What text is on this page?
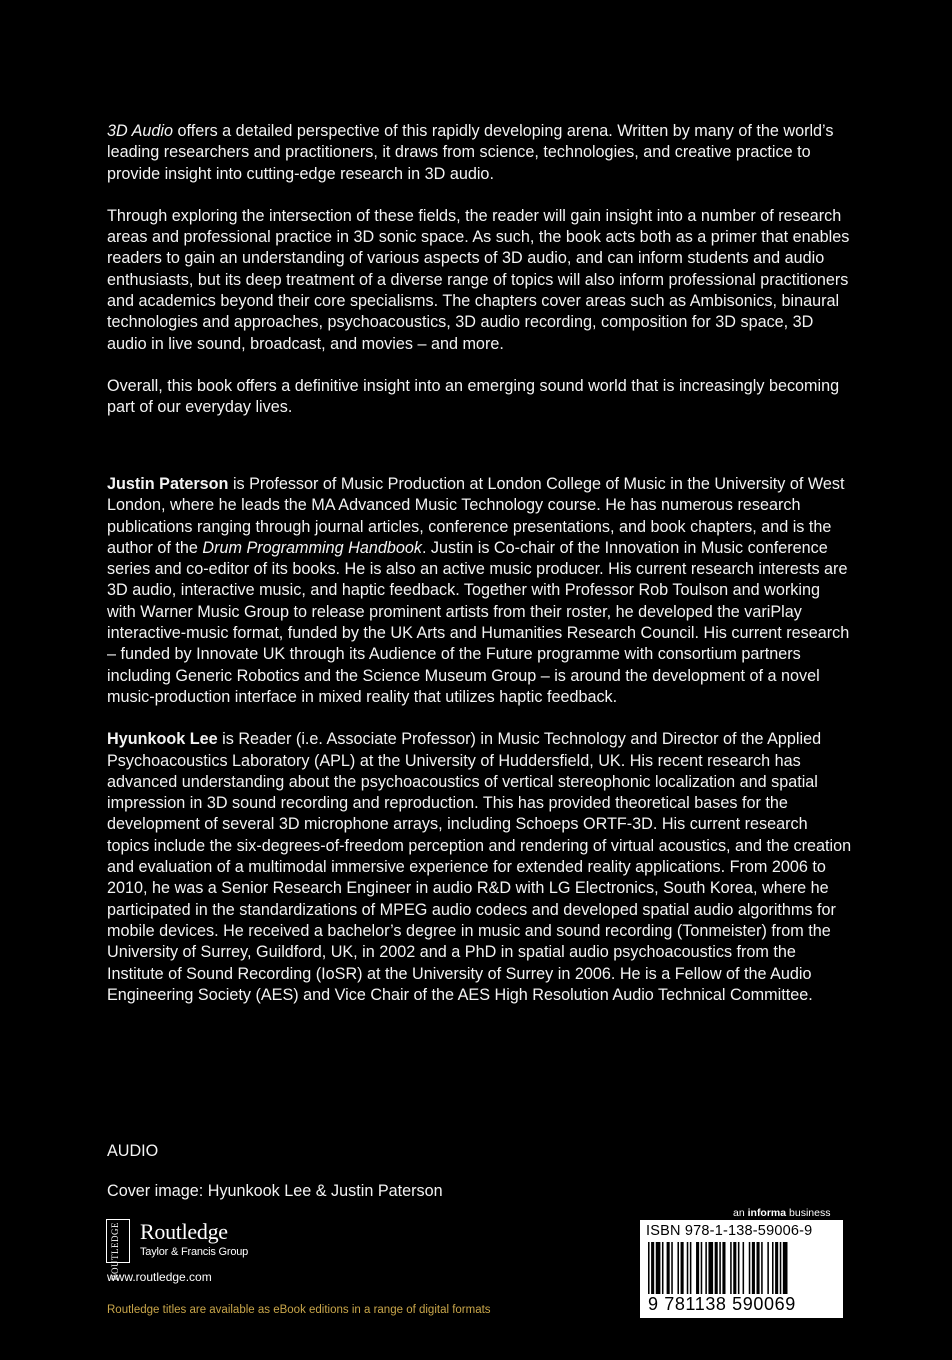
3D Audio offers a detailed perspective of this rapidly developing arena. Written by many of the world’s leading researchers and practitioners, it draws from science, technologies, and creative practice to provide insight into cutting-edge research in 3D audio.

Through exploring the intersection of these fields, the reader will gain insight into a number of research areas and professional practice in 3D sonic space. As such, the book acts both as a primer that enables readers to gain an understanding of various aspects of 3D audio, and can inform students and audio enthusiasts, but its deep treatment of a diverse range of topics will also inform professional practitioners and academics beyond their core specialisms. The chapters cover areas such as Ambisonics, binaural technologies and approaches, psychoacoustics, 3D audio recording, composition for 3D space, 3D audio in live sound, broadcast, and movies – and more.

Overall, this book offers a definitive insight into an emerging sound world that is increasingly becoming part of our everyday lives.

Justin Paterson is Professor of Music Production at London College of Music in the University of West London, where he leads the MA Advanced Music Technology course. He has numerous research publications ranging through journal articles, conference presentations, and book chapters, and is the author of the Drum Programming Handbook. Justin is Co-chair of the Innovation in Music conference series and co-editor of its books. He is also an active music producer. His current research interests are 3D audio, interactive music, and haptic feedback. Together with Professor Rob Toulson and working with Warner Music Group to release prominent artists from their roster, he developed the variPlay interactive-music format, funded by the UK Arts and Humanities Research Council. His current research – funded by Innovate UK through its Audience of the Future programme with consortium partners including Generic Robotics and the Science Museum Group – is around the development of a novel music-production interface in mixed reality that utilizes haptic feedback.

Hyunkook Lee is Reader (i.e. Associate Professor) in Music Technology and Director of the Applied Psychoacoustics Laboratory (APL) at the University of Huddersfield, UK. His recent research has advanced understanding about the psychoacoustics of vertical stereophonic localization and spatial impression in 3D sound recording and reproduction. This has provided theoretical bases for the development of several 3D microphone arrays, including Schoeps ORTF-3D. His current research topics include the six-degrees-of-freedom perception and rendering of virtual acoustics, and the creation and evaluation of a multimodal immersive experience for extended reality applications. From 2006 to 2010, he was a Senior Research Engineer in audio R&D with LG Electronics, South Korea, where he participated in the standardizations of MPEG audio codecs and developed spatial audio algorithms for mobile devices. He received a bachelor’s degree in music and sound recording (Tonmeister) from the University of Surrey, Guildford, UK, in 2002 and a PhD in spatial audio psychoacoustics from the Institute of Sound Recording (IoSR) at the University of Surrey in 2006. He is a Fellow of the Audio Engineering Society (AES) and Vice Chair of the AES High Resolution Audio Technical Committee.

AUDIO
Cover image: Hyunkook Lee & Justin Paterson
ROUTLEDGE Routledge
Taylor & Francis Group
www.routledge.com
Routledge titles are available as eBook editions in a range of digital formats
an informa business
ISBN 978-1-138-59006-9
9 781138 590069
